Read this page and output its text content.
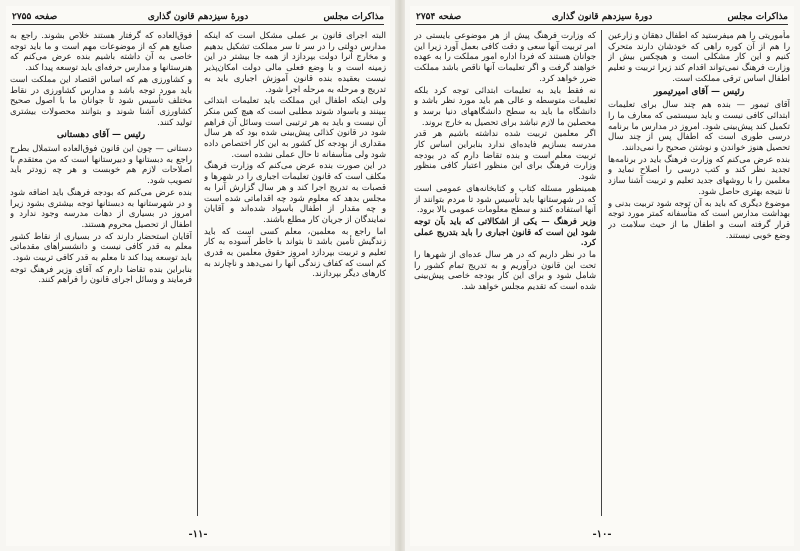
مذاکرات مجلس
دورهٔ سیزدهم قانون گذاری
صفحه ۲۷۵۵

البته اجرای قانون بر عملی مشکل است که اینکه مدارس دولتی را در سر تا سر مملکت تشکیل بدهیم و مخارج آنرا دولت بپردازد از همه جا بیشتر در این زمینه است و با وضع فعلی مالی دولت امکان‌پذیر نیست بعقیده بنده قانون آموزش اجباری باید به تدریج و مرحله به مرحله اجرا شود.

ولی اینکه اطفال این مملکت باید تعلیمات ابتدائی ببینند و باسواد شوند مطلبی است که هیچ کس منکر آن نیست و باید به هر ترتیبی است وسائل آن فراهم شود در قانون کذائی پیش‌بینی شده بود که هر سال مقداری از بودجه کل کشور به این کار اختصاص داده شود ولی متأسفانه تا حال عملی نشده است.

در این صورت بنده عرض می‌کنم که وزارت فرهنگ مکلف است که قانون تعلیمات اجباری را در شهرها و قصبات به تدریج اجرا کند و هر سال گزارش آنرا به مجلس بدهد که معلوم شود چه اقداماتی شده است و چه مقدار از اطفال باسواد شده‌اند و آقایان نمایندگان از جریان کار مطلع باشند.

اما راجع به معلمین، معلم کسی است که باید زندگیش تأمین باشد تا بتواند با خاطر آسوده به کار تعلیم و تربیت بپردازد امروز حقوق معلمین به قدری کم است که کفاف زندگی آنها را نمی‌دهد و ناچارند به کارهای دیگر بپردازند.

فوق‌العاده که گرفتار هستند خلاص بشوند. راجع به صنایع هم که از موضوعات مهم است و ما باید توجه خاصی به آن داشته باشیم بنده عرض می‌کنم که هنرستانها و مدارس حرفه‌ای باید توسعه پیدا کند.

و کشاورزی هم که اساس اقتصاد این مملکت است باید مورد توجه باشد و مدارس کشاورزی در نقاط مختلف تأسیس شود تا جوانان ما با اصول صحیح کشاورزی آشنا شوند و بتوانند محصولات بیشتری تولید کنند.

رئیس — آقای دهستانی

دستانی — چون این قانون فوق‌العاده استملال بطرح راجع به دبستانها و دبیرستانها است که من معتقدم با اصلاحات لازم هم خوبست و هر چه زودتر باید تصویب شود.

بنده عرض می‌کنم که بودجه فرهنگ باید اضافه شود و در شهرستانها به دبستانها توجه بیشتری بشود زیرا امروز در بسیاری از دهات مدرسه وجود ندارد و اطفال از تحصیل محروم هستند.

آقایان استحضار دارند که در بسیاری از نقاط کشور معلم به قدر کافی نیست و دانشسراهای مقدماتی باید توسعه پیدا کند تا معلم به قدر کافی تربیت شود.

بنابراین بنده تقاضا دارم که آقای وزیر فرهنگ توجه فرمایند و وسائل اجرای قانون را فراهم کنند.

-۱۱-
مذاکرات مجلس
دورهٔ سیزدهم قانون گذاری
صفحه ۲۷۵۴

مأموریتی را هم میفرستید که اطفال دهقان و زارعین را هم از آن کوره راهی که خودشان دارند متحرک کنیم و این کار مشکلی است و هیچکس بیش از وزارت فرهنگ نمی‌تواند اقدام کند زیرا تربیت و تعلیم اطفال اساس ترقی مملکت است.

رئیس — آقای امیرتیمور

آقای تیمور — بنده هم چند سال برای تعلیمات ابتدائی کافی نیست و باید سیستمی که معارف ما را تکمیل کند پیش‌بینی شود. امروز در مدارس ما برنامه درسی طوری است که اطفال پس از چند سال تحصیل هنوز خواندن و نوشتن صحیح را نمی‌دانند.

بنده عرض می‌کنم که وزارت فرهنگ باید در برنامه‌ها تجدید نظر کند و کتب درسی را اصلاح نماید و معلمین را با روشهای جدید تعلیم و تربیت آشنا سازد تا نتیجه بهتری حاصل شود.

موضوع دیگری که باید به آن توجه شود تربیت بدنی و بهداشت مدارس است که متأسفانه کمتر مورد توجه قرار گرفته است و اطفال ما از حیث سلامت در وضع خوبی نیستند.

که وزارت فرهنگ پیش از هر موضوعی بایستی در امر تربیت آنها سعی و دقت کافی بعمل آورد زیرا این جوانان هستند که فردا اداره امور مملکت را به عهده خواهند گرفت و اگر تعلیمات آنها ناقص باشد مملکت ضرر خواهد کرد.

نه فقط باید به تعلیمات ابتدائی توجه کرد بلکه تعلیمات متوسطه و عالی هم باید مورد نظر باشد و دانشگاه ما باید به سطح دانشگاههای دنیا برسد و محصلین ما لازم نباشد برای تحصیل به خارج بروند.

اگر معلمین تربیت شده نداشته باشیم هر قدر مدرسه بسازیم فایده‌ای ندارد بنابراین اساس کار تربیت معلم است و بنده تقاضا دارم که در بودجه وزارت فرهنگ برای این منظور اعتبار کافی منظور شود.

همینطور مسئله کتاب و کتابخانه‌های عمومی است که در شهرستانها باید تأسیس شود تا مردم بتوانند از آنها استفاده کنند و سطح معلومات عمومی بالا برود.

وزیر فرهنگ — یکی از اشکالاتی که باید بآن توجه شود این است که قانون اجباری را باید بتدریج عملی کرد.

ما در نظر داریم که در هر سال عده‌ای از شهرها را تحت این قانون درآوریم و به تدریج تمام کشور را شامل شود و برای این کار بودجه خاصی پیش‌بینی شده است که تقدیم مجلس خواهد شد.

-۱۰-
